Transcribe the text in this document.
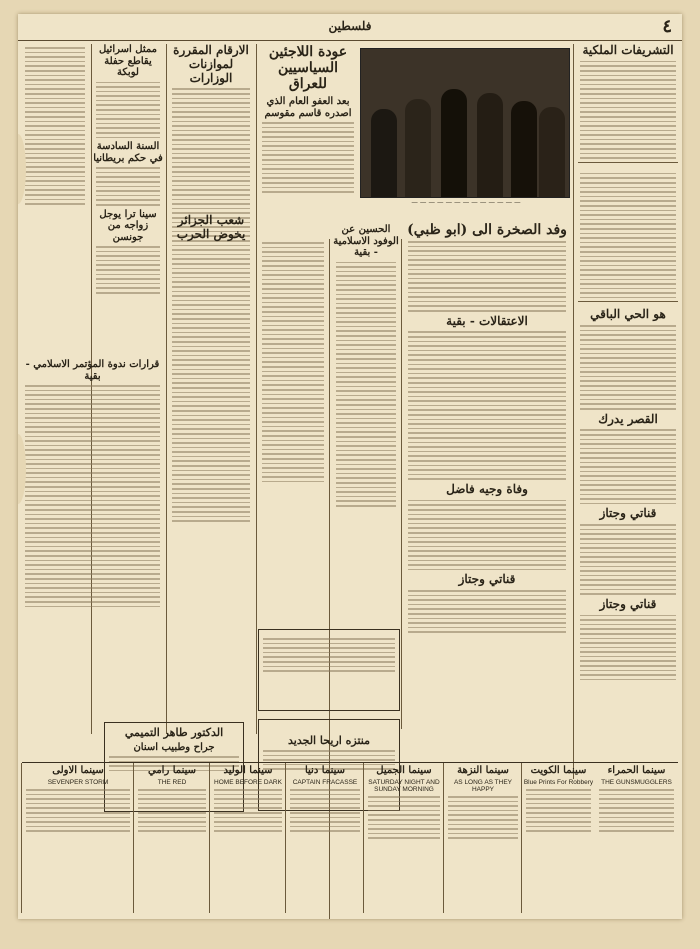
٤
فلسطين
التشريفات الملكية
هو الحي الباقي
القصر يدرك
قناتي وجتاز
قناتي وجتاز
— — — — — — — — — — — — —
عودة اللاجئين السياسيين للعراق
بعد العفو العام الذي اصدره قاسم مقوسم
الارقام المقررة لموازنات الوزارات
ممثل اسرائيل يقاطع حفلة لوبكة
السنة السادسة في حكم بريطانيا
سينا ترا يوجل زواجه من جونسن
قرارات ندوة المؤتمر الاسلامي - بقية
شعب الجزائر يخوض الحرب	وفد الصخرة الى (ابو ظبي)
الاعتقالات - بقية
وفاة وجيه فاضل
قناتي وجتاز
الحسين عن الوفود الاسلامية - بقية
الدكتور طاهر التميمي
جراح وطبيب اسنان
منتزه اريحا الجديد
سينما الحمراء
THE GUNSMUGGLERS
سينما الكويت
Blue Prints For Robbery
سينما النزهة
AS LONG AS THEY HAPPY
سينما الجميل
SATURDAY NIGHT AND SUNDAY MORNING
سينما دنيا
CAPTAIN FRACASSE
سينما الوليد
HOME BEFORE DARK
سينما رامي
THE RED
سينما الاولى
SEVENPER STORM
